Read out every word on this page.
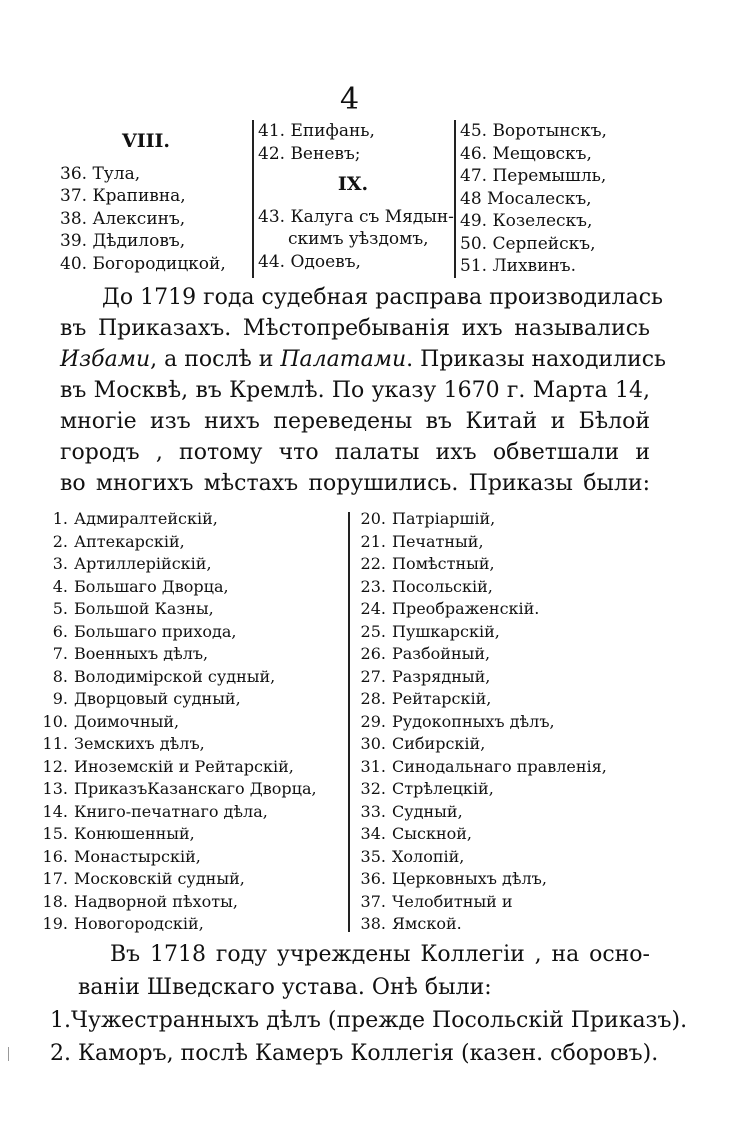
4
VIII.
36. Тула,
37. Крапивна,
38. Алексинъ,
39. Дѣдиловъ,
40. Богородицкой,
41. Епифань,
42. Веневъ;
IX.
43. Калуга съ Мядын-
скимъ уѣздомъ,
44. Одоевъ,
45. Воротынскъ,
46. Мещовскъ,
47. Перемышль,
48 Мосалескъ,
49. Козелескъ,
50. Серпейскъ,
51. Лихвинъ.
До 1719 года судебная расправа производилась
въ Приказахъ. Мѣстопребыванія ихъ назывались
Избами, а послѣ и Палатами. Приказы находились
въ Москвѣ, въ Кремлѣ. По указу 1670 г. Марта 14,
многіе изъ нихъ переведены въ Китай и Бѣлой
городъ , потому что палаты ихъ обветшали и
во многихъ мѣстахъ порушились. Приказы были:
1. Адмиралтейскій,
2. Аптекарскій,
3. Артиллерійскій,
4. Большаго Дворца,
5. Большой Казны,
6. Большаго прихода,
7. Военныхъ дѣлъ,
8. Володимірской судный,
9. Дворцовый судный,
10. Доимочный,
11. Земскихъ дѣлъ,
12. Иноземскій и Рейтарскій,
13. ПриказъКазанскаго Дворца,
14. Книго-печатнаго дѣла,
15. Конюшенный,
16. Монастырскій,
17. Московскій судный,
18. Надворной пѣхоты,
19. Новогородскій,
20. Патріаршій,
21. Печатный,
22. Помѣстный,
23. Посольскій,
24. Преображенскій.
25. Пушкарскій,
26. Разбойный,
27. Разрядный,
28. Рейтарскій,
29. Рудокопныхъ дѣлъ,
30. Сибирскій,
31. Синодальнаго правленія,
32. Стрѣлецкій,
33. Судный,
34. Сыскной,
35. Холопій,
36. Церковныхъ дѣлъ,
37. Челобитный и
38. Ямской.
Въ 1718 году учреждены Коллегіи , на осно-
ваніи Шведскаго устава. Онѣ были:
1.Чужестранныхъ дѣлъ (прежде Посольскій Приказъ).
2. Каморъ, послѣ Камеръ Коллегія (казен. сборовъ).
